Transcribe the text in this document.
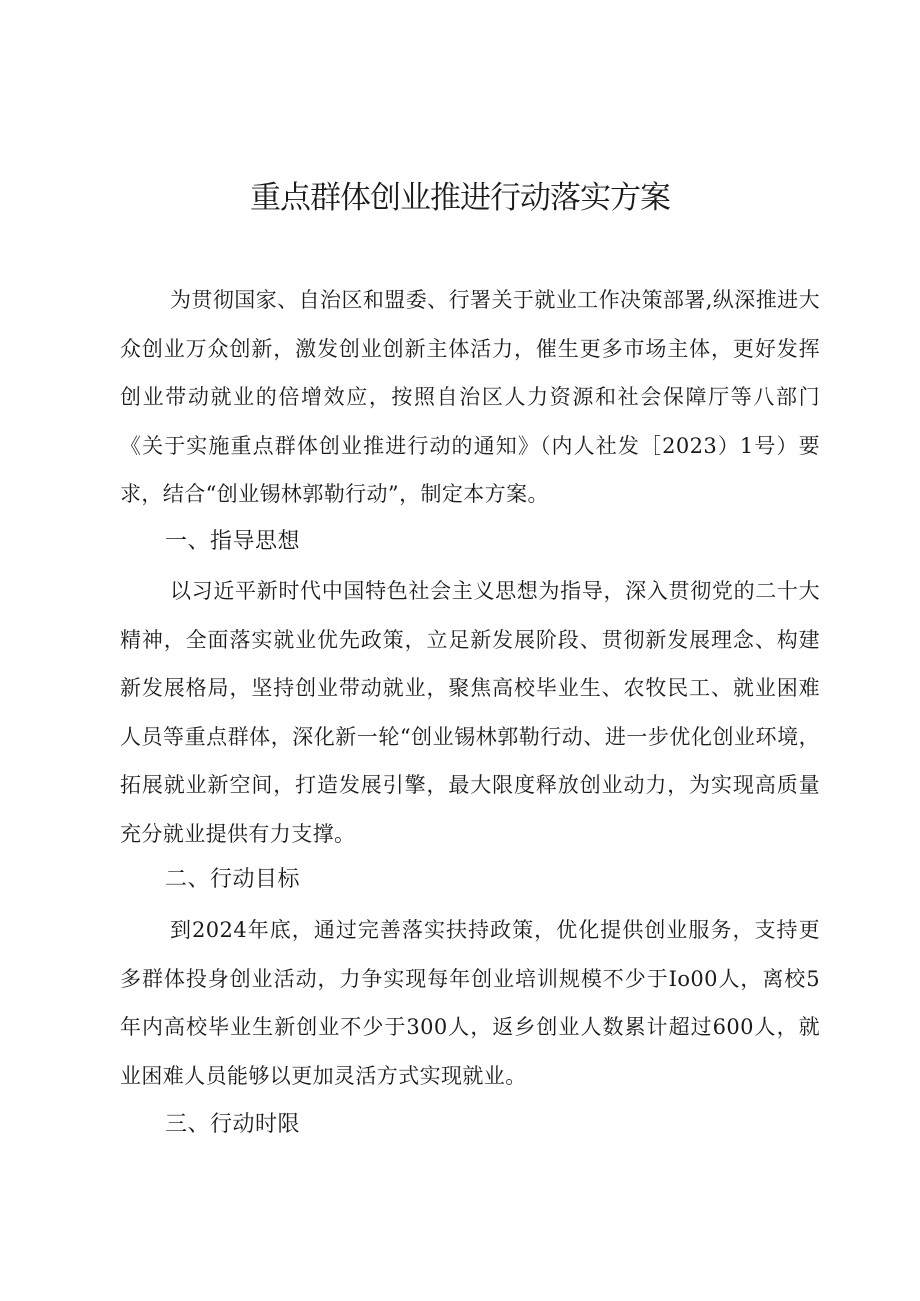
重点群体创业推进行动落实方案

为贯彻国家、自治区和盟委、行署关于就业工作决策部署,纵深推进大众创业万众创新，激发创业创新主体活力，催生更多市场主体，更好发挥创业带动就业的倍增效应，按照自治区人力资源和社会保障厅等八部门《关于实施重点群体创业推进行动的通知》（内人社发［2023）1号）要求，结合“创业锡林郭勒行动”，制定本方案。

一、指导思想

以习近平新时代中国特色社会主义思想为指导，深入贯彻党的二十大精神，全面落实就业优先政策，立足新发展阶段、贯彻新发展理念、构建新发展格局，坚持创业带动就业，聚焦高校毕业生、农牧民工、就业困难人员等重点群体，深化新一轮“创业锡林郭勒行动、进一步优化创业环境，拓展就业新空间，打造发展引擎，最大限度释放创业动力，为实现高质量充分就业提供有力支撑。

二、行动目标

到2024年底，通过完善落实扶持政策，优化提供创业服务，支持更多群体投身创业活动，力争实现每年创业培训规模不少于Io00人，离校5年内高校毕业生新创业不少于300人，返乡创业人数累计超过600人，就业困难人员能够以更加灵活方式实现就业。

三、行动时限
